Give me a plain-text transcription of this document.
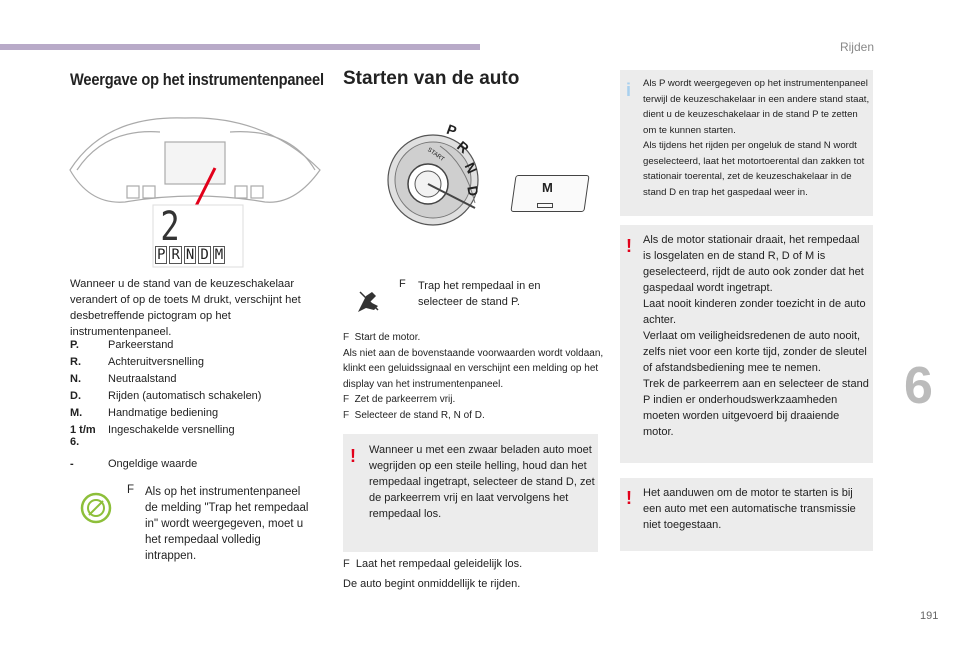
Rijden
6
191
Weergave op het instrumentenpaneel
2
P R N D M
Wanneer u de stand van de keuzeschakelaar verandert of op de toets M drukt, verschijnt het desbetreffende pictogram op het instrumentenpaneel.
P.	Parkeerstand
R. Achteruitversnelling
N. Neutraalstand
D. Rijden (automatisch schakelen)
M. Handmatige bediening
1 t/m 6.
Ingeschakelde versnelling
-	Ongeldige waarde
F Als op het instrumentenpaneel de melding "Trap het rempedaal in" wordt weergegeven, moet u het rempedaal volledig intrappen.
Starten van de auto
P
R
N
D
START
M
F Trap het rempedaal in en selecteer de stand P.
F  Start de motor.
Als niet aan de bovenstaande voorwaarden wordt voldaan, klinkt een geluidssignaal en verschijnt een melding op het display van het instrumentenpaneel.
F  Zet de parkeerrem vrij.
F  Selecteer de stand R, N of D.
! Wanneer u met een zwaar beladen auto moet wegrijden op een steile helling, houd dan het rempedaal ingetrapt, selecteer de stand D, zet de parkeerrem vrij en laat vervolgens het rempedaal los.
F  Laat het rempedaal geleidelijk los.
De auto begint onmiddellijk te rijden.
i Als P wordt weergegeven op het instrumentenpaneel terwijl de keuzeschakelaar in een andere stand staat, dient u de keuzeschakelaar in de stand P te zetten om te kunnen starten.
Als tijdens het rijden per ongeluk de stand N wordt geselecteerd, laat het motortoerental dan zakken tot stationair toerental, zet de keuzeschakelaar in de stand D en trap het gaspedaal weer in.
! Als de motor stationair draait, het rempedaal is losgelaten en de stand R, D of M is geselecteerd, rijdt de auto ook zonder dat het gaspedaal wordt ingetrapt.
Laat nooit kinderen zonder toezicht in de auto achter.
Verlaat om veiligheidsredenen de auto nooit, zelfs niet voor een korte tijd, zonder de sleutel of afstandsbediening mee te nemen.
Trek de parkeerrem aan en selecteer de stand P indien er onderhoudswerkzaamheden moeten worden uitgevoerd bij draaiende motor.
! Het aanduwen om de motor te starten is bij een auto met een automatische transmissie niet toegestaan.
